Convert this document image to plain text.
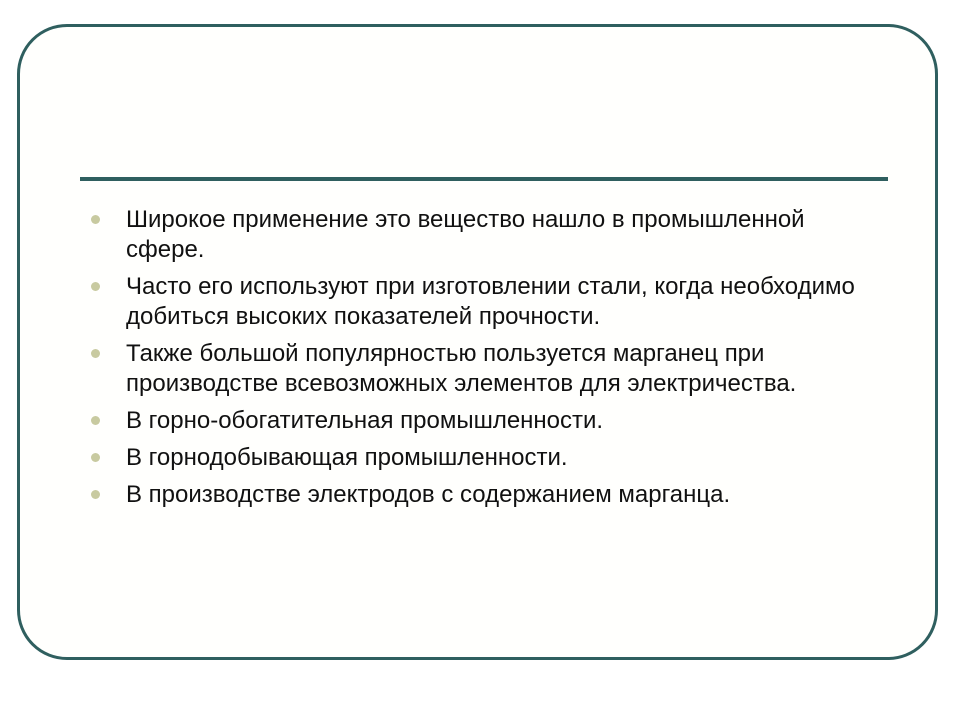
Широкое применение это вещество нашло в промышленной сфере.
Часто его используют при изготовлении стали, когда необходимо добиться высоких показателей прочности.
Также большой популярностью пользуется марганец при производстве всевозможных элементов для электричества.
В горно-обогатительная промышленности.
В горнодобывающая промышленности.
В производстве электродов с содержанием марганца.
